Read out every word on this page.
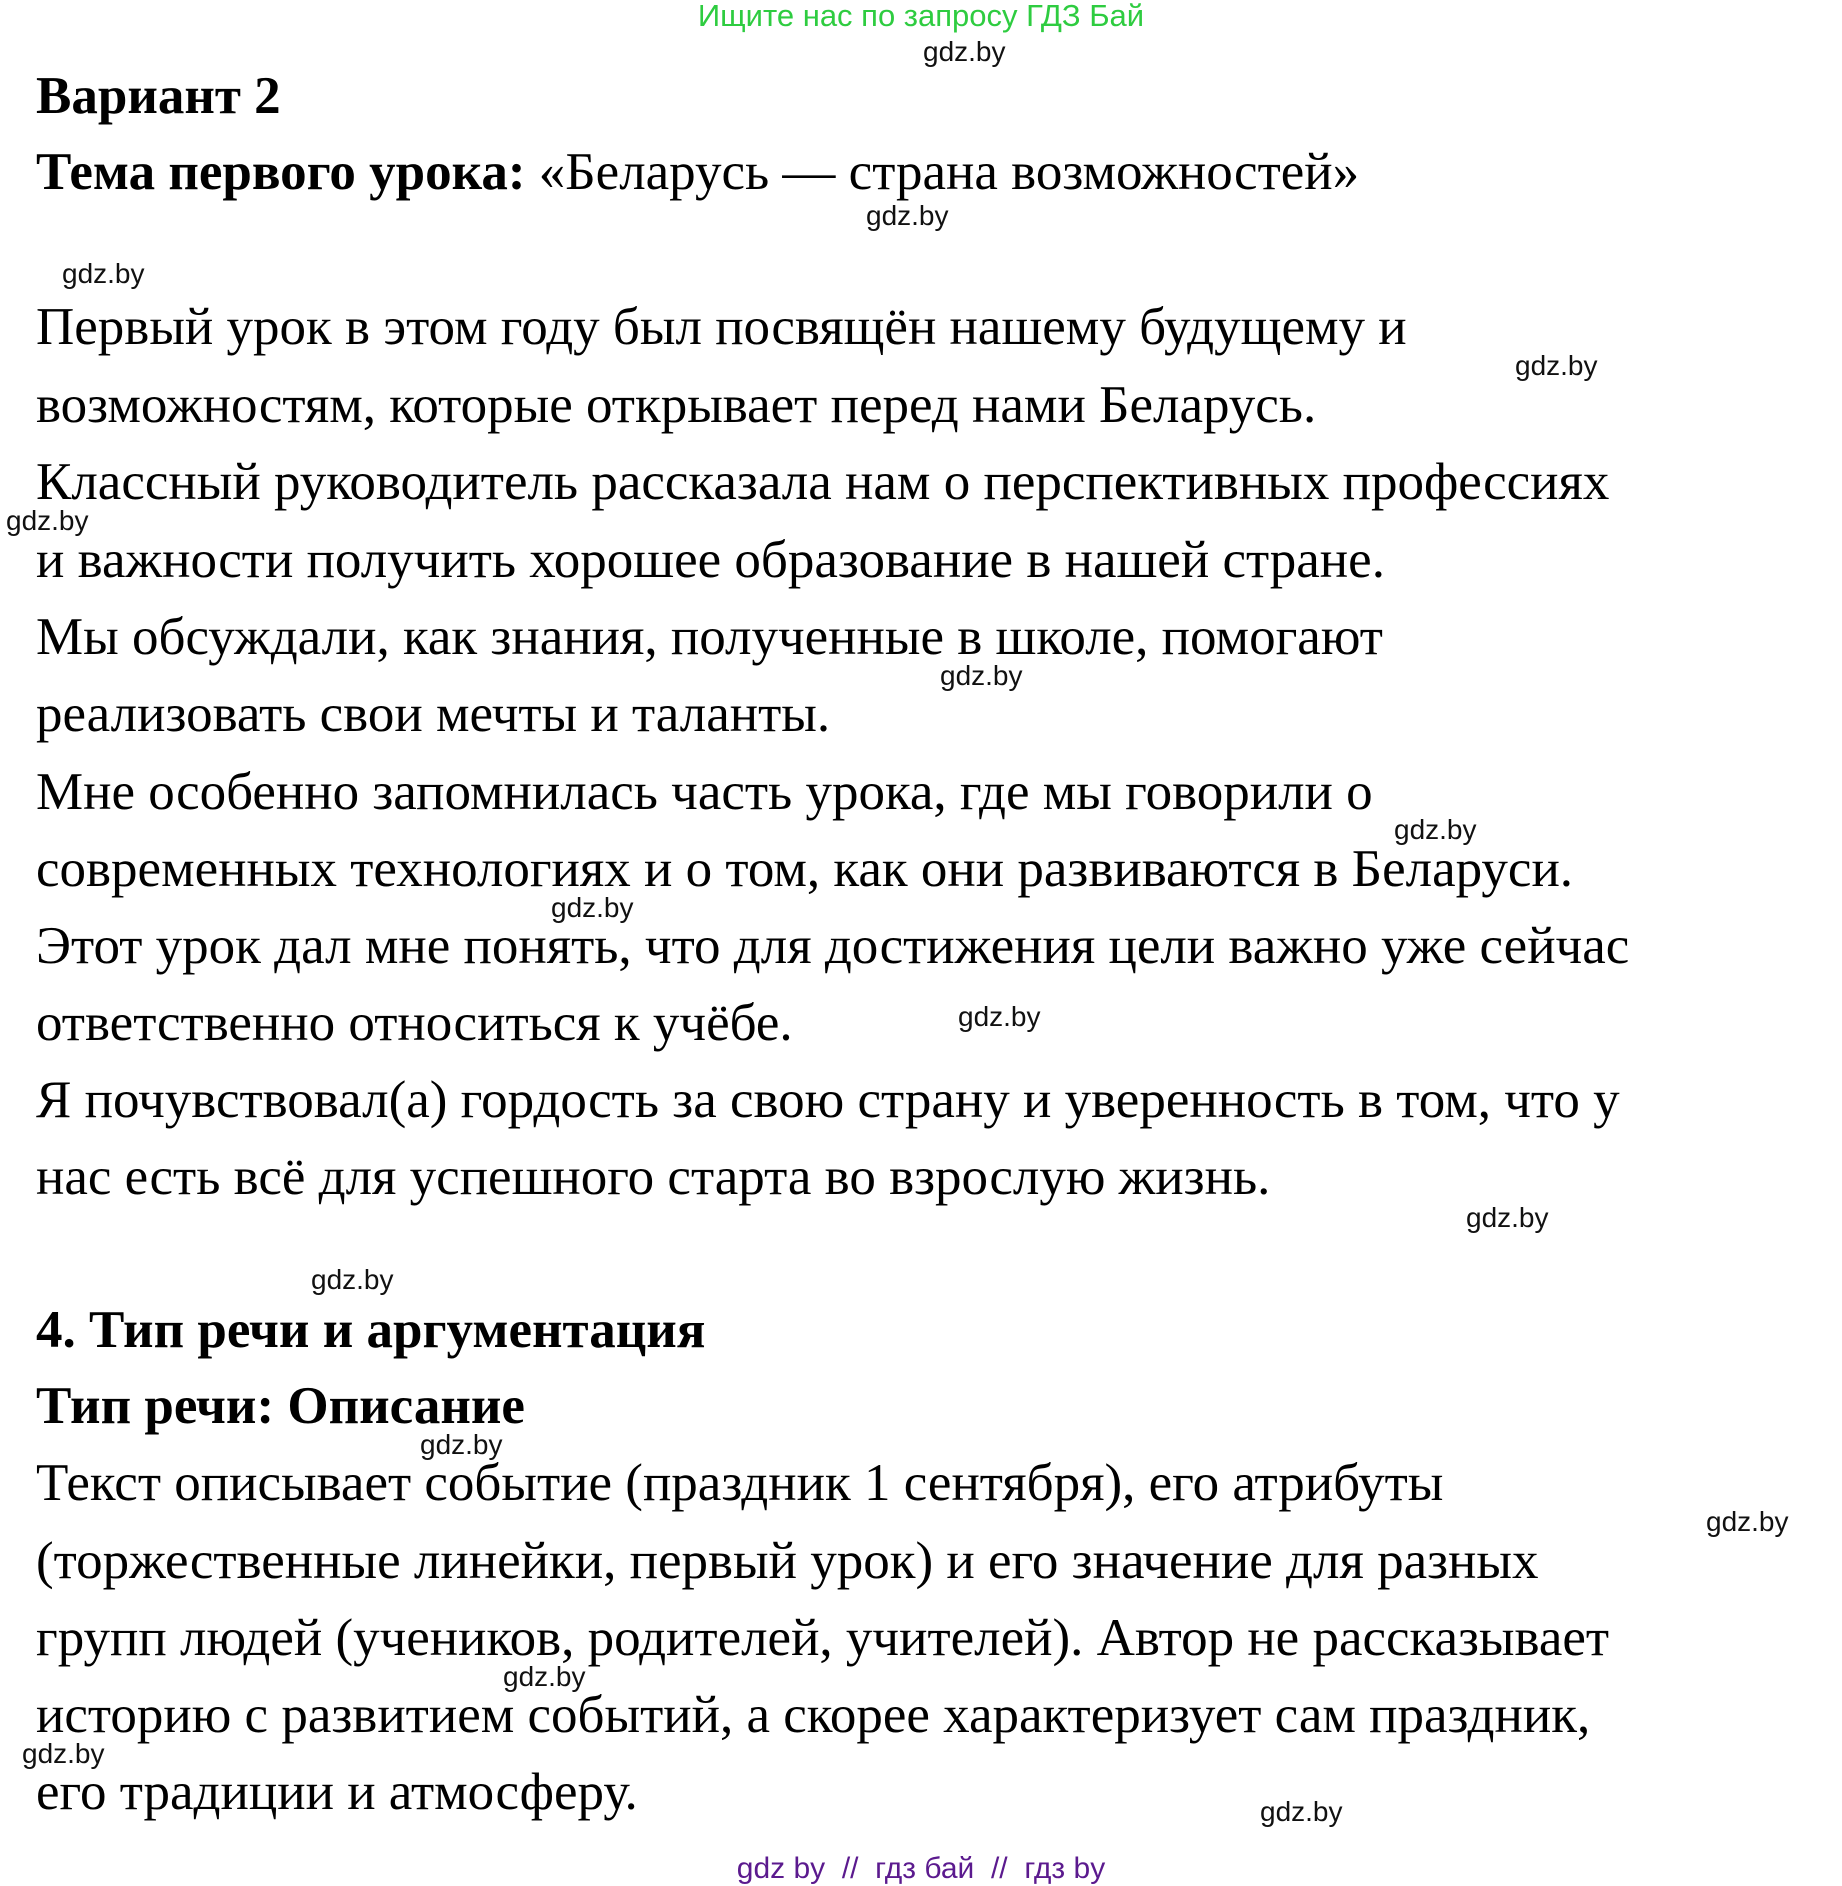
Ищите нас по запросу ГДЗ Бай
Вариант 2
Тема первого урока: «Беларусь — страна возможностей»
Первый урок в этом году был посвящён нашему будущему и
возможностям, которые открывает перед нами Беларусь.
Классный руководитель рассказала нам о перспективных профессиях
и важности получить хорошее образование в нашей стране.
Мы обсуждали, как знания, полученные в школе, помогают
реализовать свои мечты и таланты.
Мне особенно запомнилась часть урока, где мы говорили о
современных технологиях и о том, как они развиваются в Беларуси.
Этот урок дал мне понять, что для достижения цели важно уже сейчас
ответственно относиться к учёбе.
Я почувствовал(а) гордость за свою страну и уверенность в том, что у
нас есть всё для успешного старта во взрослую жизнь.
4. Тип речи и аргументация
Тип речи: Описание
Текст описывает событие (праздник 1 сентября), его атрибуты
(торжественные линейки, первый урок) и его значение для разных
групп людей (учеников, родителей, учителей). Автор не рассказывает
историю с развитием событий, а скорее характеризует сам праздник,
его традиции и атмосферу.
gdz.by
gdz.by
gdz.by
gdz.by
gdz.by
gdz.by
gdz.by
gdz.by
gdz.by
gdz.by
gdz.by
gdz.by
gdz.by
gdz.by
gdz.by
gdz.by
gdz by  //  гдз бай  //  гдз by
